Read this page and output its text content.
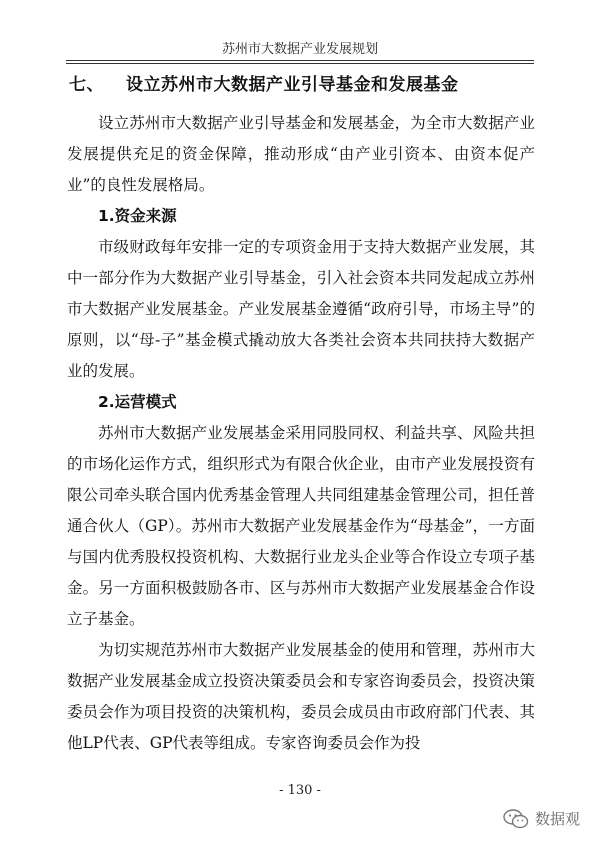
苏州市大数据产业发展规划
七、 设立苏州市大数据产业引导基金和发展基金

设立苏州市大数据产业引导基金和发展基金，为全市大数据产业发展提供充足的资金保障，推动形成“由产业引资本、由资本促产业”的良性发展格局。

1.资金来源

市级财政每年安排一定的专项资金用于支持大数据产业发展，其中一部分作为大数据产业引导基金，引入社会资本共同发起成立苏州市大数据产业发展基金。产业发展基金遵循“政府引导，市场主导”的原则，以“母-子”基金模式撬动放大各类社会资本共同扶持大数据产业的发展。

2.运营模式

苏州市大数据产业发展基金采用同股同权、利益共享、风险共担的市场化运作方式，组织形式为有限合伙企业，由市产业发展投资有限公司牵头联合国内优秀基金管理人共同组建基金管理公司，担任普通合伙人（GP）。苏州市大数据产业发展基金作为“母基金”，一方面与国内优秀股权投资机构、大数据行业龙头企业等合作设立专项子基金。另一方面积极鼓励各市、区与苏州市大数据产业发展基金合作设立子基金。

为切实规范苏州市大数据产业发展基金的使用和管理，苏州市大数据产业发展基金成立投资决策委员会和专家咨询委员会，投资决策委员会作为项目投资的决策机构，委员会成员由市政府部门代表、其他LP代表、GP代表等组成。专家咨询委员会作为投

- 130 -
数据观
